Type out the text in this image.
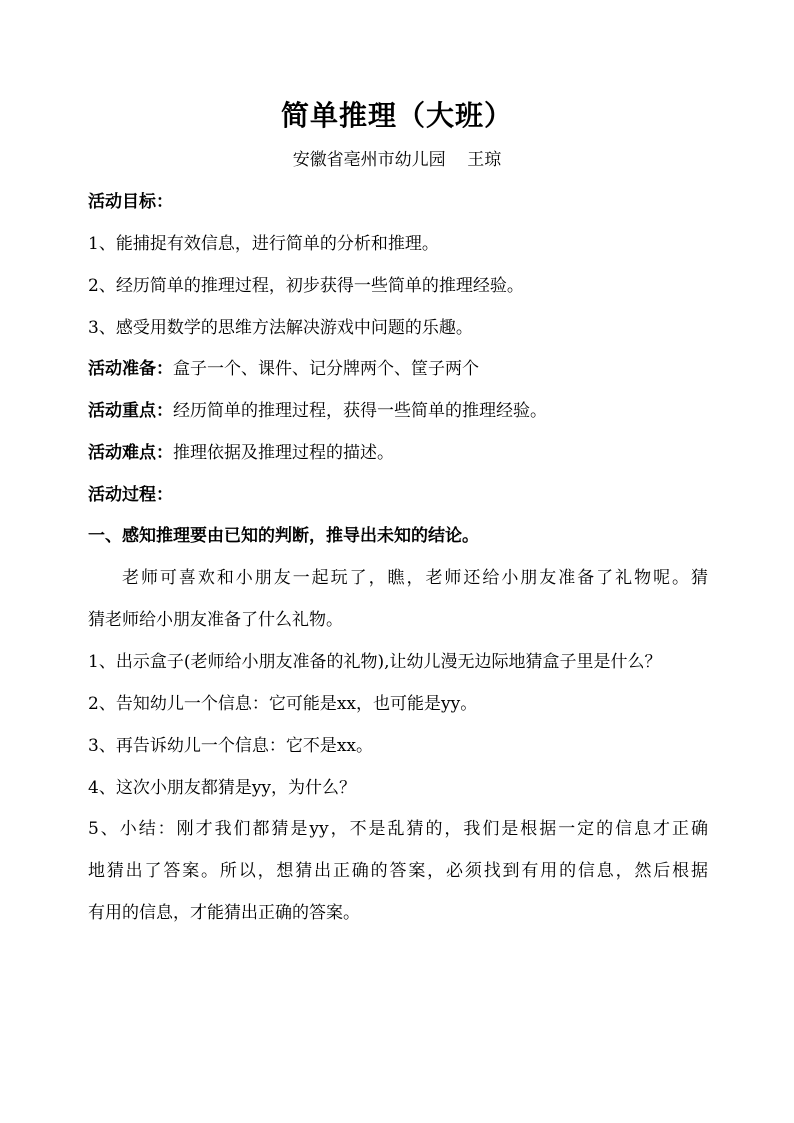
简单推理（大班）
安徽省亳州市幼儿园    王琼
活动目标：
1、能捕捉有效信息，进行简单的分析和推理。
2、经历简单的推理过程，初步获得一些简单的推理经验。
3、感受用数学的思维方法解决游戏中问题的乐趣。
活动准备：盒子一个、课件、记分牌两个、筐子两个
活动重点：经历简单的推理过程，获得一些简单的推理经验。
活动难点：推理依据及推理过程的描述。
活动过程：
一、感知推理要由已知的判断，推导出未知的结论。
老师可喜欢和小朋友一起玩了，瞧，老师还给小朋友准备了礼物呢。猜
猜老师给小朋友准备了什么礼物。
1、出示盒子(老师给小朋友准备的礼物),让幼儿漫无边际地猜盒子里是什么？
2、告知幼儿一个信息：它可能是xx，也可能是yy。
3、再告诉幼儿一个信息：它不是xx。
4、这次小朋友都猜是yy，为什么？
5、小结：刚才我们都猜是yy，不是乱猜的，我们是根据一定的信息才正确
地猜出了答案。所以，想猜出正确的答案，必须找到有用的信息，然后根据
有用的信息，才能猜出正确的答案。
